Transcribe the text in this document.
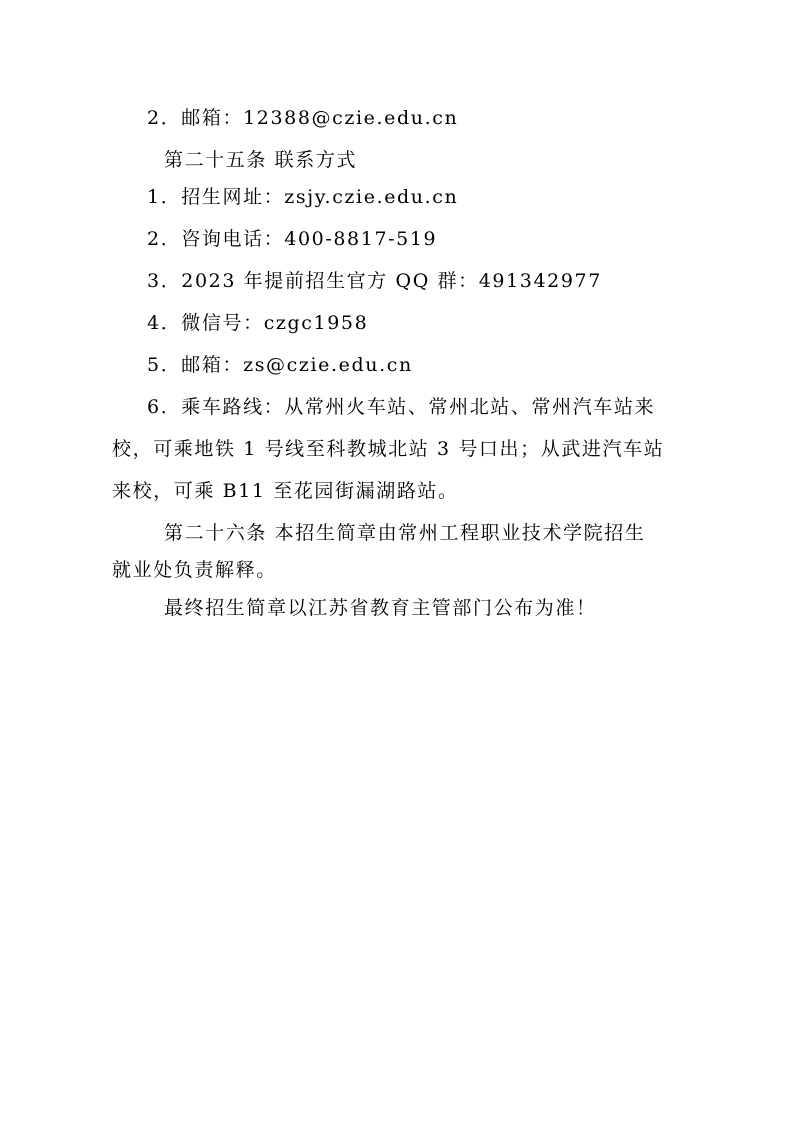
2．邮箱：12388@czie.edu.cn
第二十五条 联系方式
1．招生网址：zsjy.czie.edu.cn
2．咨询电话：400-8817-519
3．2023 年提前招生官方 QQ 群：491342977
4．微信号：czgc1958
5．邮箱：zs@czie.edu.cn
6．乘车路线：从常州火车站、常州北站、常州汽车站来
校，可乘地铁 1 号线至科教城北站 3 号口出；从武进汽车站
来校，可乘 B11 至花园街漏湖路站。
第二十六条 本招生简章由常州工程职业技术学院招生
就业处负责解释。
最终招生简章以江苏省教育主管部门公布为准！
